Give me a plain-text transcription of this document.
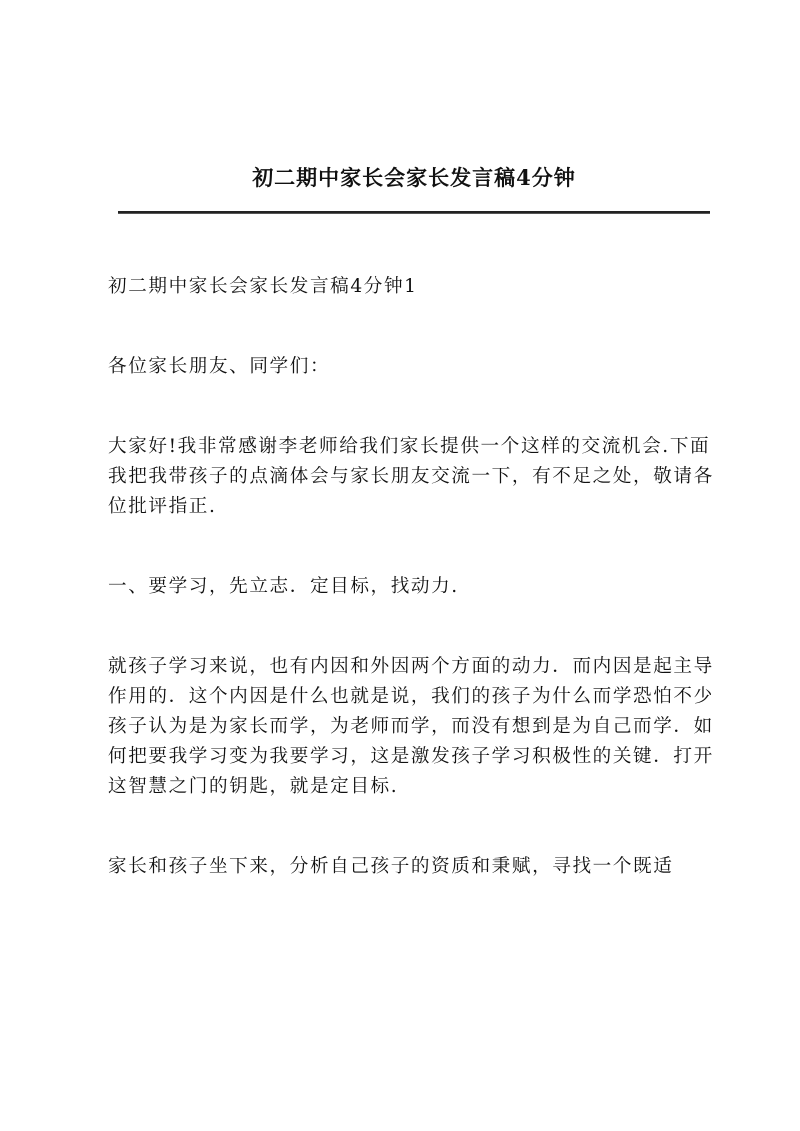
初二期中家长会家长发言稿4分钟

初二期中家长会家长发言稿4分钟1

各位家长朋友、同学们：

大家好!我非常感谢李老师给我们家长提供一个这样的交流机会.下面我把我带孩子的点滴体会与家长朋友交流一下，有不足之处，敬请各位批评指正.

一、要学习，先立志．定目标，找动力.

就孩子学习来说，也有内因和外因两个方面的动力．而内因是起主导作用的．这个内因是什么也就是说，我们的孩子为什么而学恐怕不少孩子认为是为家长而学，为老师而学，而没有想到是为自己而学．如何把要我学习变为我要学习，这是激发孩子学习积极性的关键．打开这智慧之门的钥匙，就是定目标.

家长和孩子坐下来，分析自己孩子的资质和秉赋，寻找一个既适
